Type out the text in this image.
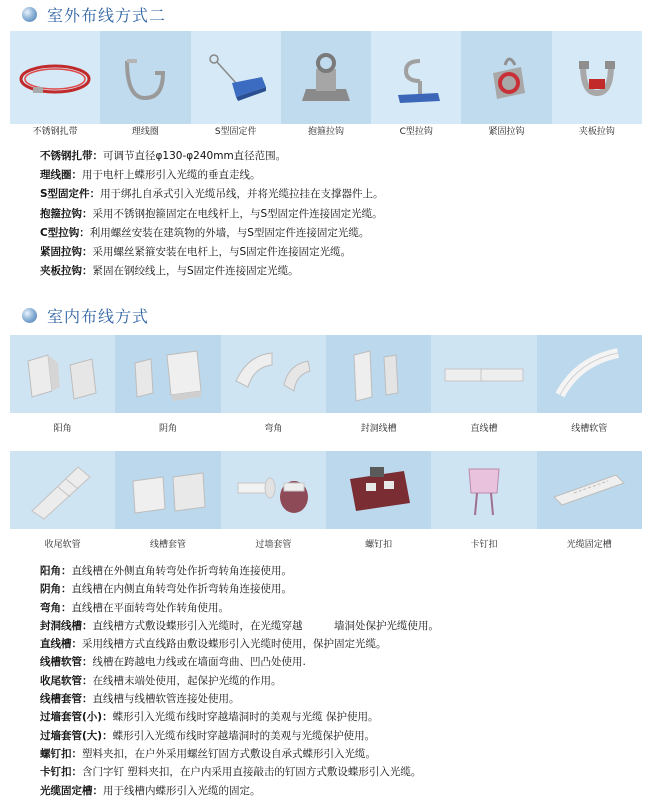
室外布线方式二
不锈钢扎带	理线圈	S型固定件	抱箍拉钩	C型拉钩	紧固拉钩	夹板拉钩
不锈钢扎带：可调节直径φ130-φ240mm直径范围。
理线圈：用于电杆上蝶形引入光缆的垂直走线。
S型固定件：用于绑扎自承式引入光缆吊线，并将光缆拉挂在支撑器件上。
抱箍拉钩：采用不锈钢抱箍固定在电线杆上，与S型固定件连接固定光缆。
C型拉钩：利用螺丝安装在建筑物的外墙，与S型固定件连接固定光缆。
紧固拉钩：采用螺丝紧箍安装在电杆上，与S固定件连接固定光缆。
夹板拉钩：紧固在钢绞线上，与S固定件连接固定光缆。
室内布线方式
阳角	阴角	弯角	封洞线槽	直线槽	线槽软管
收尾软管	线槽套管	过墙套管	螺钉扣	卡钉扣	光缆固定槽
阳角：直线槽在外侧直角转弯处作折弯转角连接使用。
阴角：直线槽在内侧直角转弯处作折弯转角连接使用。
弯角：直线槽在平面转弯处作转角使用。
封洞线槽：直线槽方式敷设蝶形引入光缆时，在光缆穿越　　　墙洞处保护光缆使用。
直线槽：采用线槽方式直线路由敷设蝶形引入光缆时使用，保护固定光缆。
线槽软管：线槽在跨越电力线或在墙面弯曲、凹凸处使用.
收尾软管：在线槽末端处使用，起保护光缆的作用。
线槽套管：直线槽与线槽软管连接处使用。
过墙套管(小)：蝶形引入光缆布线时穿越墙洞时的美观与光缆 保护使用。
过墙套管(大)：蝶形引入光缆布线时穿越墙洞时的美观与光缆保护使用。
螺钉扣：塑料夹扣，在户外采用螺丝钉固方式敷设自承式蝶形引入光缆。
卡钉扣：含门字钉 塑料夹扣，在户内采用直接敲击的钉固方式敷设蝶形引入光缆。
光缆固定槽：用于线槽内蝶形引入光缆的固定。
